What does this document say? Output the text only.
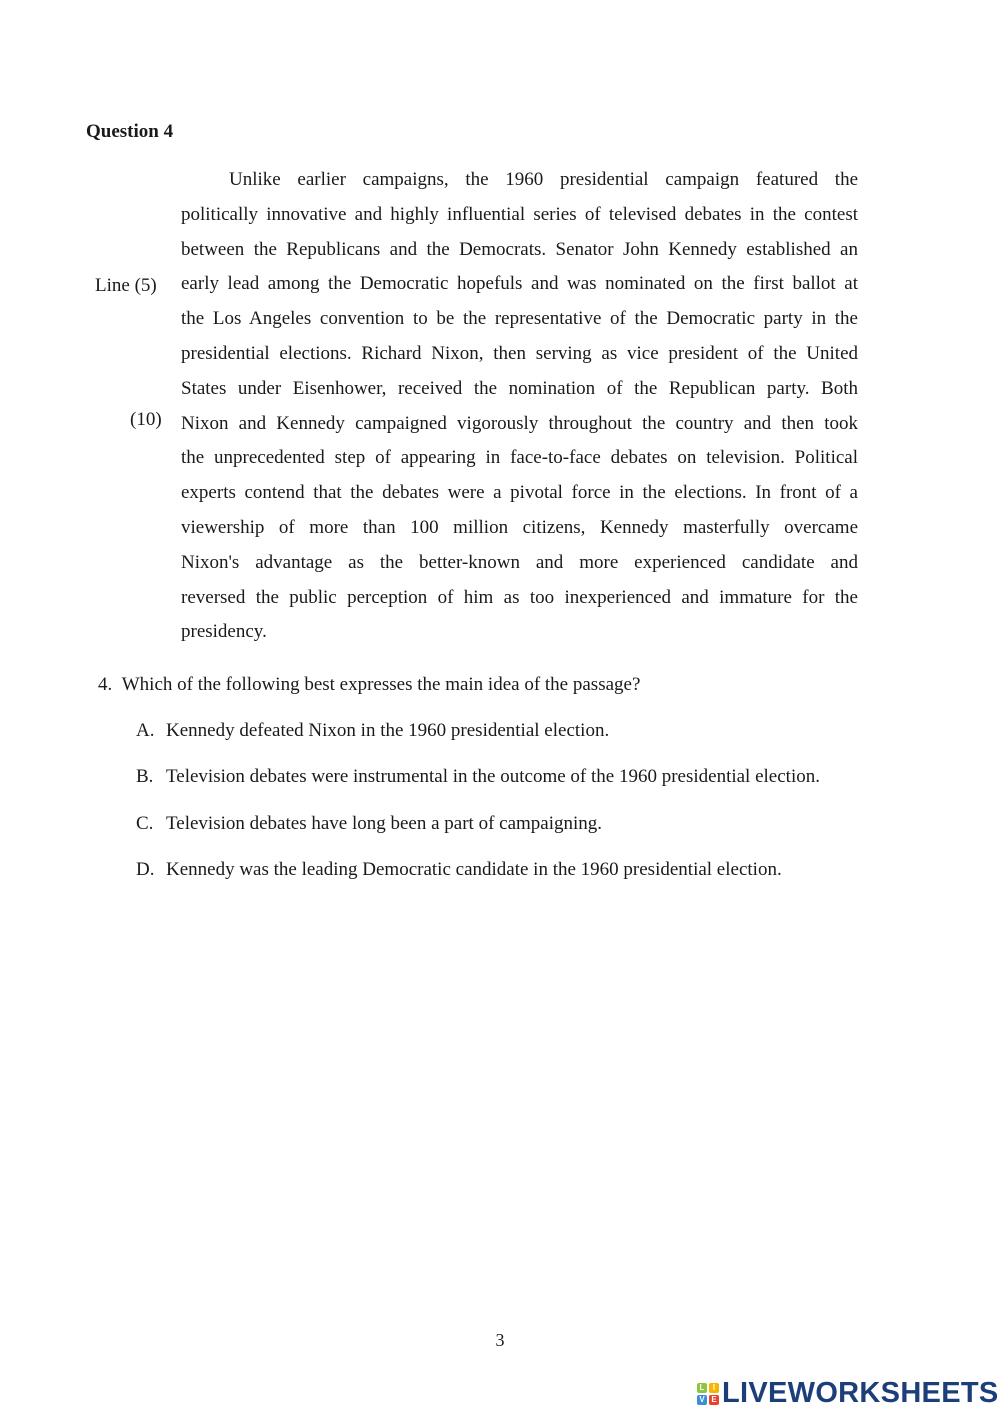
Question 4
Line (5)
(10)
Unlike earlier campaigns, the 1960 presidential campaign featured the
politically innovative and highly influential series of televised debates in the contest
between the Republicans and the Democrats. Senator John Kennedy established an
early lead among the Democratic hopefuls and was nominated on the first ballot at
the Los Angeles convention to be the representative of the Democratic party in the
presidential elections. Richard Nixon, then serving as vice president of the United
States under Eisenhower, received the nomination of the Republican party. Both
Nixon and Kennedy campaigned vigorously throughout the country and then took
the unprecedented step of appearing in face-to-face debates on television. Political
experts contend that the debates were a pivotal force in the elections. In front of a
viewership of more than 100 million citizens, Kennedy masterfully overcame
Nixon's advantage as the better-known and more experienced candidate and
reversed the public perception of him as too inexperienced and immature for the
presidency.
4. Which of the following best expresses the main idea of the passage?
A. Kennedy defeated Nixon in the 1960 presidential election.
B. Television debates were instrumental in the outcome of the 1960 presidential election.
C. Television debates have long been a part of campaigning.
D. Kennedy was the leading Democratic candidate in the 1960 presidential election.
3
L	I
V E LIVEWORKSHEETS
